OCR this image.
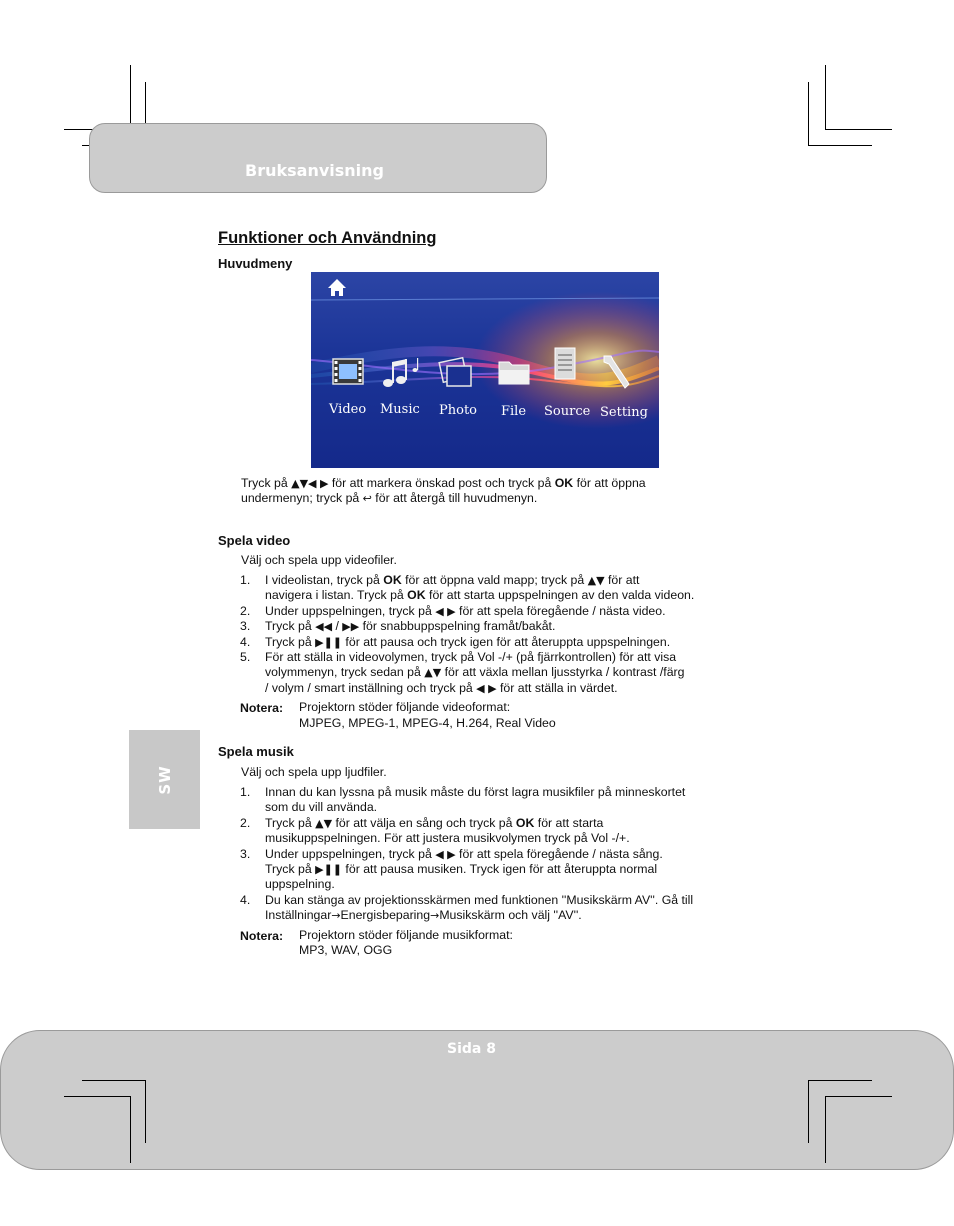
Bruksanvisning
Funktioner och Användning

Huvudmeny

Video Music Photo File Source Setting

Tryck på ▲▼◀ ▶ för att markera önskad post och tryck på OK för att öppna

undermenyn; tryck på ↩ för att återgå till huvudmenyn.

Spela video

Välj och spela upp videofiler.

1. I videolistan, tryck på OK för att öppna vald mapp; tryck på ▲▼ för att

navigera i listan. Tryck på OK för att starta uppspelningen av den valda videon.

2. Under uppspelningen, tryck på ◀ ▶ för att spela föregående / nästa video.

3. Tryck på ◀◀ / ▶▶ för snabbuppspelning framåt/bakåt.

4. Tryck på ▶❚❚ för att pausa och tryck igen för att återuppta uppspelningen.

5. För att ställa in videovolymen, tryck på Vol -/+ (på fjärrkontrollen) för att visa

volymmenyn, tryck sedan på ▲▼ för att växla mellan ljusstyrka / kontrast /färg

/ volym / smart inställning och tryck på ◀ ▶ för att ställa in värdet.

Notera: Projektorn stöder följande videoformat:

MJPEG, MPEG-1, MPEG-4, H.264, Real Video

SW

Spela musik

Välj och spela upp ljudfiler.

1. Innan du kan lyssna på musik måste du först lagra musikfiler på minneskortet

som du vill använda.

2. Tryck på ▲▼ för att välja en sång och tryck på OK för att starta

musikuppspelningen. För att justera musikvolymen tryck på Vol -/+.

3. Under uppspelningen, tryck på ◀ ▶ för att spela föregående / nästa sång.

Tryck på ▶❚❚ för att pausa musiken. Tryck igen för att återuppta normal

uppspelning.

4. Du kan stänga av projektionsskärmen med funktionen ''Musikskärm AV''. Gå till

Inställningar→Energisbeparing→Musikskärm och välj ''AV''.

Notera: Projektorn stöder följande musikformat:

MP3, WAV, OGG

Sida 8
